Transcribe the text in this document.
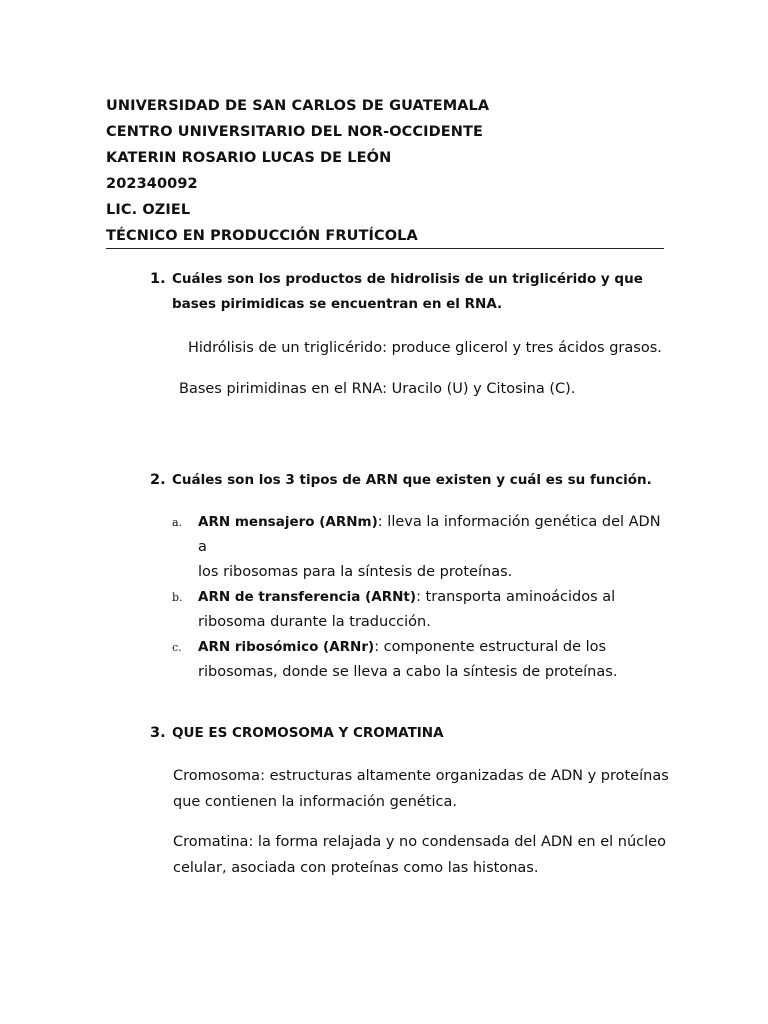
UNIVERSIDAD DE SAN CARLOS DE GUATEMALA
CENTRO UNIVERSITARIO DEL NOR-OCCIDENTE
KATERIN ROSARIO LUCAS DE LEÓN
202340092
LIC. OZIEL
TÉCNICO EN PRODUCCIÓN FRUTÍCOLA
1. Cuáles son los productos de hidrolisis de un triglicérido y que
bases pirimidicas se encuentran en el RNA.
Hidrólisis de un triglicérido: produce glicerol y tres ácidos grasos.
Bases pirimidinas en el RNA: Uracilo (U) y Citosina (C).
2. Cuáles son los 3 tipos de ARN que existen y cuál es su función.
a. ARN mensajero (ARNm): lleva la información genética del ADN a
los ribosomas para la síntesis de proteínas.
b. ARN de transferencia (ARNt): transporta aminoácidos al
ribosoma durante la traducción.
c. ARN ribosómico (ARNr): componente estructural de los
ribosomas, donde se lleva a cabo la síntesis de proteínas.
3. QUE ES CROMOSOMA Y CROMATINA
Cromosoma: estructuras altamente organizadas de ADN y proteínas
que contienen la información genética.
Cromatina: la forma relajada y no condensada del ADN en el núcleo
celular, asociada con proteínas como las histonas.
